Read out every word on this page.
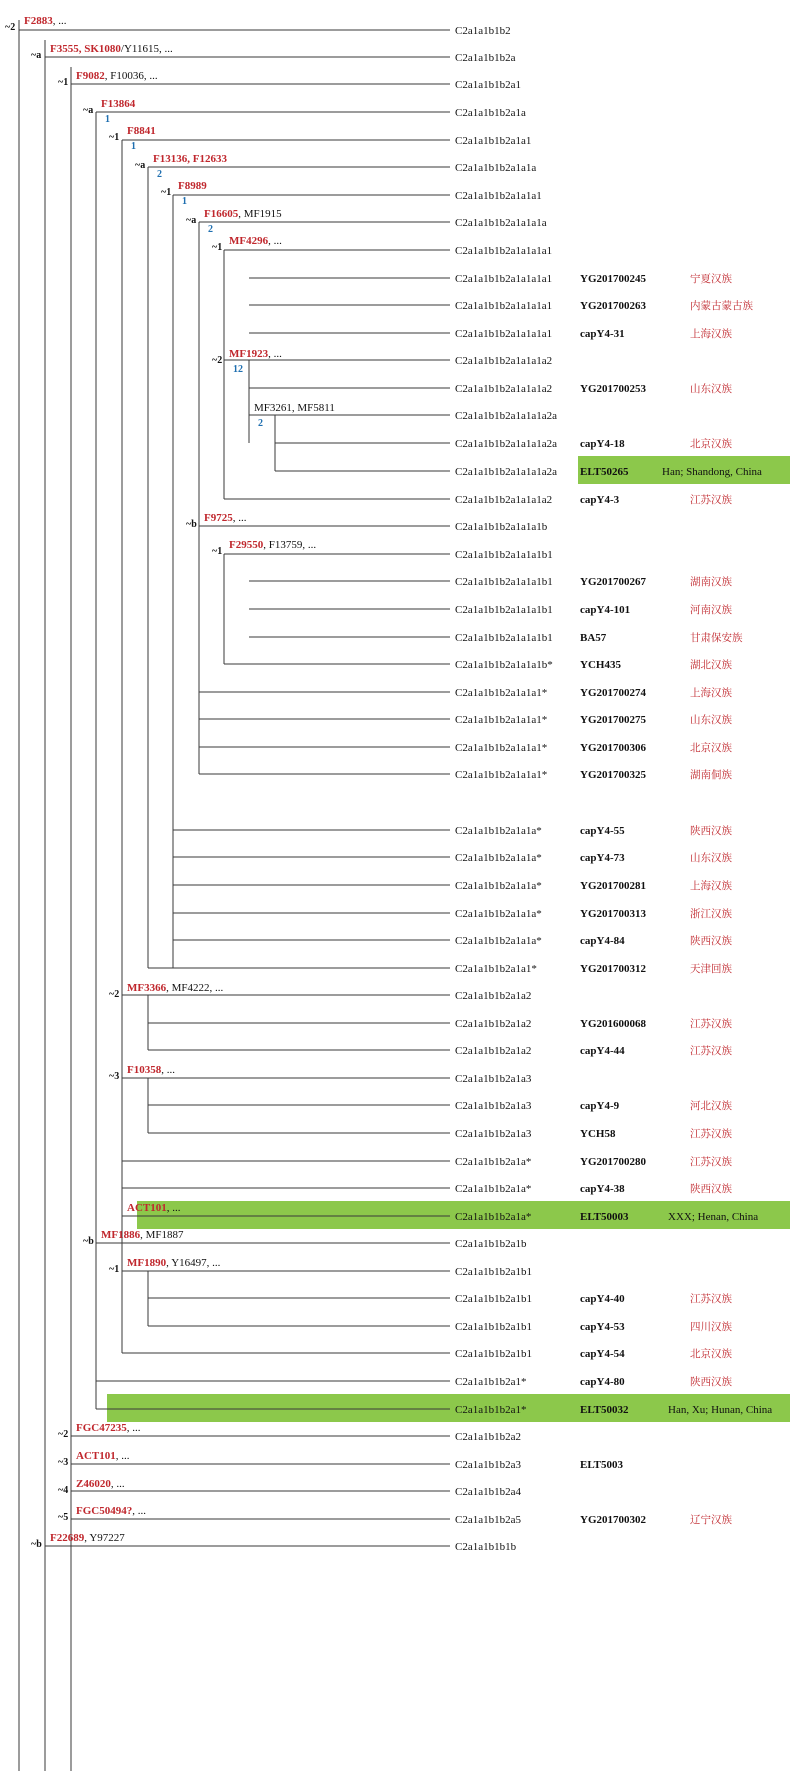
C2a1a1b1b2
C2a1a1b1b2a
C2a1a1b1b2a1
C2a1a1b1b2a1a
C2a1a1b1b2a1a1
C2a1a1b1b2a1a1a
C2a1a1b1b2a1a1a1
C2a1a1b1b2a1a1a1a
C2a1a1b1b2a1a1a1a1
C2a1a1b1b2a1a1a1a1	YG201700245	宁夏汉族
C2a1a1b1b2a1a1a1a1	YG201700263	内蒙古蒙古族
C2a1a1b1b2a1a1a1a1	capY4-31	上海汉族
C2a1a1b1b2a1a1a1a2
C2a1a1b1b2a1a1a1a2	YG201700253	山东汉族
C2a1a1b1b2a1a1a1a2a
C2a1a1b1b2a1a1a1a2a capY4-18	北京汉族
C2a1a1b1b2a1a1a1a2a ELT50265	Han; Shandong, China
C2a1a1b1b2a1a1a1a2	capY4-3	江苏汉族
C2a1a1b1b2a1a1a1b
C2a1a1b1b2a1a1a1b1
C2a1a1b1b2a1a1a1b1 YG201700267	湖南汉族
C2a1a1b1b2a1a1a1b1 capY4-101	河南汉族
C2a1a1b1b2a1a1a1b1 BA57	甘肃保安族
C2a1a1b1b2a1a1a1b* YCH435	湖北汉族
C2a1a1b1b2a1a1a1*	YG201700274	上海汉族
C2a1a1b1b2a1a1a1*	YG201700275	山东汉族
C2a1a1b1b2a1a1a1*	YG201700306	北京汉族
C2a1a1b1b2a1a1a1*	YG201700325	湖南侗族
C2a1a1b1b2a1a1a*	capY4-55	陕西汉族
C2a1a1b1b2a1a1a*	capY4-73	山东汉族
C2a1a1b1b2a1a1a*	YG201700281	上海汉族
C2a1a1b1b2a1a1a*	YG201700313	浙江汉族
C2a1a1b1b2a1a1a*	capY4-84	陕西汉族
C2a1a1b1b2a1a1*	YG201700312	天津回族
C2a1a1b1b2a1a2
C2a1a1b1b2a1a2	YG201600068	江苏汉族
C2a1a1b1b2a1a2	capY4-44	江苏汉族
C2a1a1b1b2a1a3
C2a1a1b1b2a1a3	capY4-9	河北汉族
C2a1a1b1b2a1a3	YCH58	江苏汉族
C2a1a1b1b2a1a*	YG201700280	江苏汉族
C2a1a1b1b2a1a*	capY4-38	陕西汉族
C2a1a1b1b2a1a*	ELT50003	XXX; Henan, China
C2a1a1b1b2a1b
C2a1a1b1b2a1b1
C2a1a1b1b2a1b1	capY4-40	江苏汉族
C2a1a1b1b2a1b1	capY4-53	四川汉族
C2a1a1b1b2a1b1	capY4-54	北京汉族
C2a1a1b1b2a1*	capY4-80	陕西汉族
C2a1a1b1b2a1*	ELT50032	Han, Xu; Hunan, China
C2a1a1b1b2a2
C2a1a1b1b2a3	ELT5003
C2a1a1b1b2a4
C2a1a1b1b2a5	YG201700302	辽宁汉族
C2a1a1b1b1b
~2
F2883, ...
~a
F3555, SK1080/Y11615, ...
~1
F9082, F10036, ...
~a
F13864
1
~1
F8841
1
~a
F13136, F12633
2
~1
F8989
1
~a
F16605, MF1915
2
~1
MF4296, ...
~2
MF1923, ...
12
MF3261, MF5811
2
~b
F9725, ...
~1
F29550, F13759, ...
~2
MF3366, MF4222, ...
~3
F10358, ...
ACT101, ...
~b
MF1886, MF1887
~1
MF1890, Y16497, ...
~2
FGC47235, ...
~3
ACT101, ...
~4
Z46020, ...
~5
FGC50494?, ...
~b
F22689, Y97227
